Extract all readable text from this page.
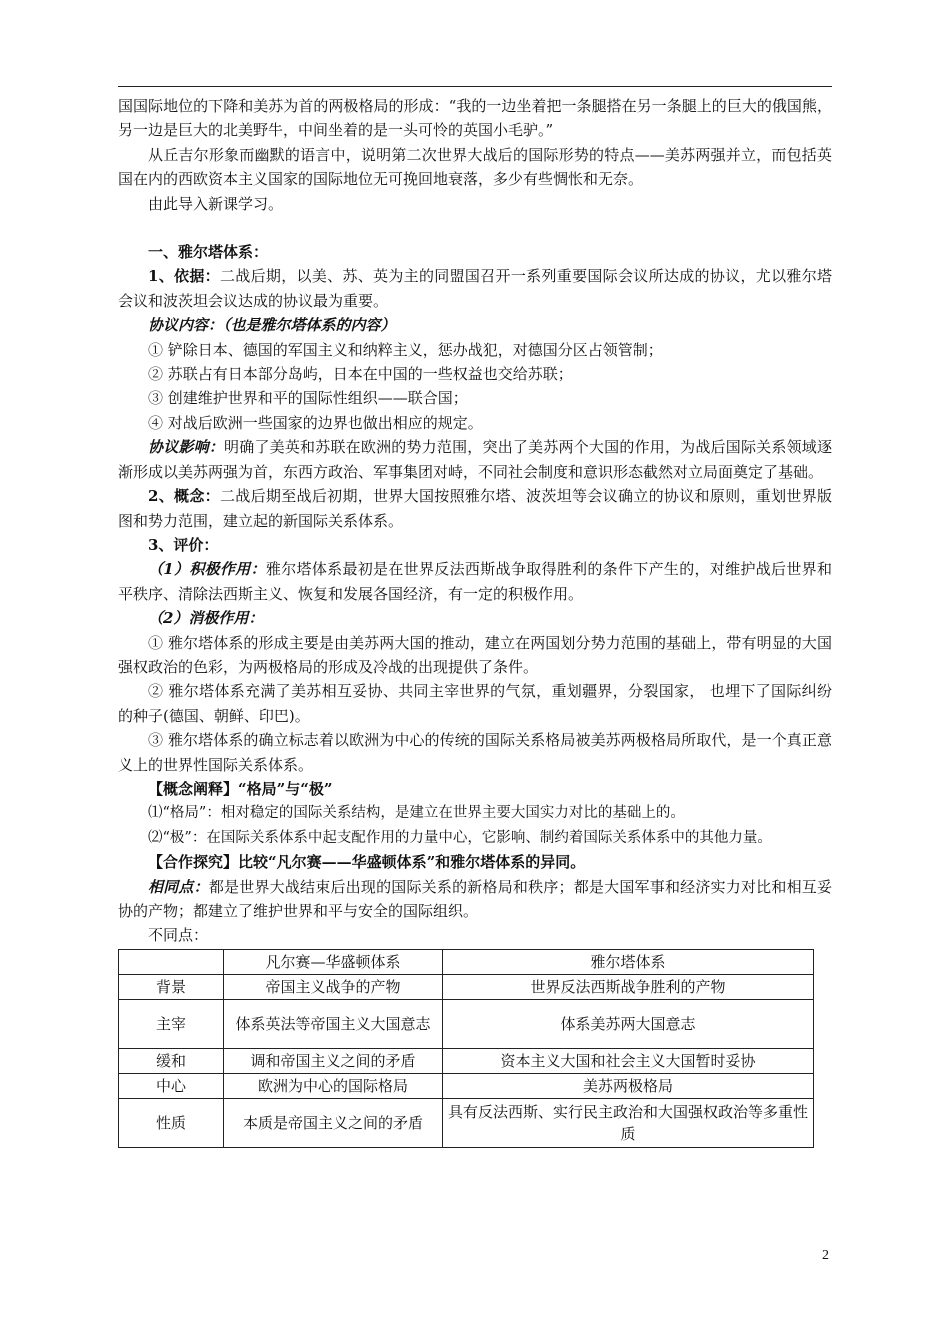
国国际地位的下降和美苏为首的两极格局的形成：“我的一边坐着把一条腿搭在另一条腿上的巨大的俄国熊，另一边是巨大的北美野牛，中间坐着的是一头可怜的英国小毛驴。”

从丘吉尔形象而幽默的语言中，说明第二次世界大战后的国际形势的特点——美苏两强并立，而包括英国在内的西欧资本主义国家的国际地位无可挽回地衰落，多少有些惆怅和无奈。

由此导入新课学习。

一、雅尔塔体系：

1、依据：二战后期，以美、苏、英为主的同盟国召开一系列重要国际会议所达成的协议，尤以雅尔塔会议和波茨坦会议达成的协议最为重要。

协议内容：（也是雅尔塔体系的内容）

① 铲除日本、德国的军国主义和纳粹主义，惩办战犯，对德国分区占领管制；

② 苏联占有日本部分岛屿，日本在中国的一些权益也交给苏联；

③ 创建维护世界和平的国际性组织——联合国；

④ 对战后欧洲一些国家的边界也做出相应的规定。

协议影响：明确了美英和苏联在欧洲的势力范围，突出了美苏两个大国的作用，为战后国际关系领域逐渐形成以美苏两强为首，东西方政治、军事集团对峙，不同社会制度和意识形态截然对立局面奠定了基础。

2、概念：二战后期至战后初期，世界大国按照雅尔塔、波茨坦等会议确立的协议和原则，重划世界版图和势力范围，建立起的新国际关系体系。

3、评价：

（1）积极作用：雅尔塔体系最初是在世界反法西斯战争取得胜利的条件下产生的，对维护战后世界和平秩序、清除法西斯主义、恢复和发展各国经济，有一定的积极作用。

（2）消极作用：

① 雅尔塔体系的形成主要是由美苏两大国的推动，建立在两国划分势力范围的基础上，带有明显的大国强权政治的色彩，为两极格局的形成及冷战的出现提供了条件。

② 雅尔塔体系充满了美苏相互妥协、共同主宰世界的气氛，重划疆界，分裂国家， 也埋下了国际纠纷的种子(德国、朝鲜、印巴)。

③ 雅尔塔体系的确立标志着以欧洲为中心的传统的国际关系格局被美苏两极格局所取代，是一个真正意义上的世界性国际关系体系。

【概念阐释】“格局”与“极”

⑴“格局”：相对稳定的国际关系结构，是建立在世界主要大国实力对比的基础上的。

⑵“极”：在国际关系体系中起支配作用的力量中心，它影响、制约着国际关系体系中的其他力量。

【合作探究】比较“凡尔赛——华盛顿体系”和雅尔塔体系的异同。

相同点：都是世界大战结束后出现的国际关系的新格局和秩序；都是大国军事和经济实力对比和相互妥协的产物；都建立了维护世界和平与安全的国际组织。

不同点：

	凡尔赛—华盛顿体系	雅尔塔体系
背景	帝国主义战争的产物	世界反法西斯战争胜利的产物
主宰	体系英法等帝国主义大国意志	体系美苏两大国意志
缓和	调和帝国主义之间的矛盾	资本主义大国和社会主义大国暂时妥协
中心	欧洲为中心的国际格局	美苏两极格局
性质	本质是帝国主义之间的矛盾	具有反法西斯、实行民主政治和大国强权政治等多重性质
2
